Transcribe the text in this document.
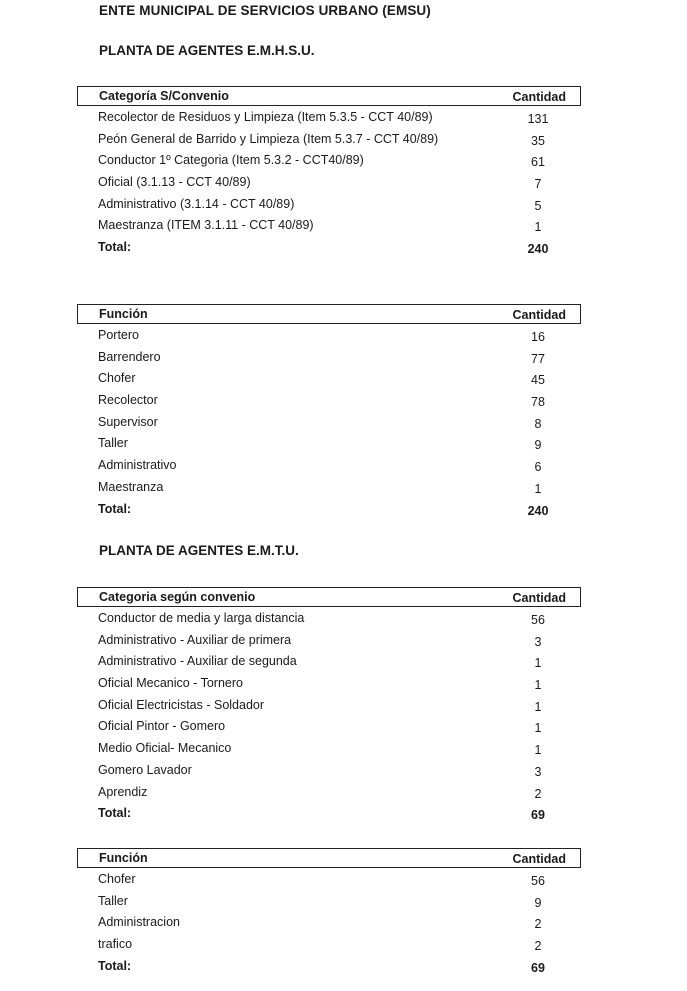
ENTE MUNICIPAL DE SERVICIOS URBANO (EMSU)
PLANTA DE AGENTES E.M.H.S.U.
Categoría S/Convenio	Cantidad
Recolector de Residuos y Limpieza (Item 5.3.5 - CCT 40/89)	131
Peón General de Barrido y Limpieza (Item 5.3.7 - CCT 40/89)	35
Conductor 1º Categoria (Item 5.3.2 - CCT40/89)	61
Oficial (3.1.13 - CCT 40/89)	7
Administrativo (3.1.14 - CCT 40/89)	5
Maestranza (ITEM 3.1.11 - CCT 40/89)	1
Total:	240
Función	Cantidad
Portero	16
Barrendero	77
Chofer	45
Recolector	78
Supervisor	8
Taller	9
Administrativo	6
Maestranza	1
Total:	240
PLANTA DE AGENTES E.M.T.U.
Categoria según convenio	Cantidad
Conductor de media y larga distancia	56
Administrativo - Auxiliar de primera	3
Administrativo - Auxiliar de segunda	1
Oficial Mecanico - Tornero	1
Oficial Electricistas - Soldador	1
Oficial Pintor - Gomero	1
Medio Oficial- Mecanico	1
Gomero Lavador	3
Aprendiz	2
Total:	69
Función	Cantidad
Chofer	56
Taller	9
Administracion	2
trafico	2
Total:	69
